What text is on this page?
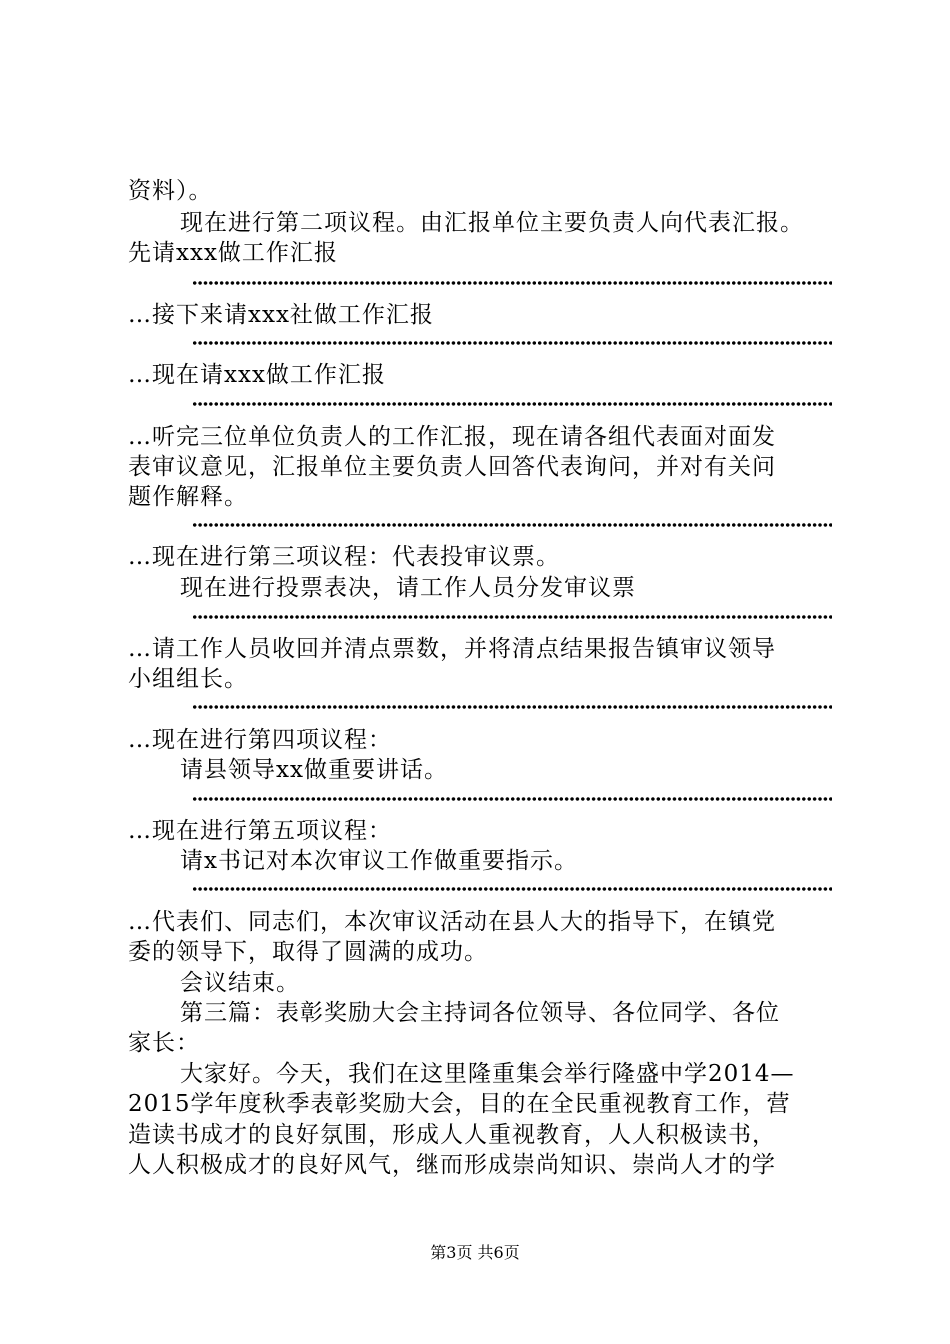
资料）。
现在进行第二项议程。由汇报单位主要负责人向代表汇报。
先请xxx做工作汇报
…接下来请xxx社做工作汇报
…现在请xxx做工作汇报
…听完三位单位负责人的工作汇报，现在请各组代表面对面发
表审议意见，汇报单位主要负责人回答代表询问，并对有关问
题作解释。
…现在进行第三项议程：代表投审议票。
现在进行投票表决，请工作人员分发审议票
…请工作人员收回并清点票数，并将清点结果报告镇审议领导
小组组长。
…现在进行第四项议程：
请县领导xx做重要讲话。
…现在进行第五项议程：
请x书记对本次审议工作做重要指示。
…代表们、同志们，本次审议活动在县人大的指导下，在镇党
委的领导下，取得了圆满的成功。
会议结束。
第三篇：表彰奖励大会主持词各位领导、各位同学、各位
家长：
大家好。今天，我们在这里隆重集会举行隆盛中学2014—
2015学年度秋季表彰奖励大会，目的在全民重视教育工作，营
造读书成才的良好氛围，形成人人重视教育，人人积极读书，
人人积极成才的良好风气，继而形成崇尚知识、崇尚人才的学
第3页 共6页
